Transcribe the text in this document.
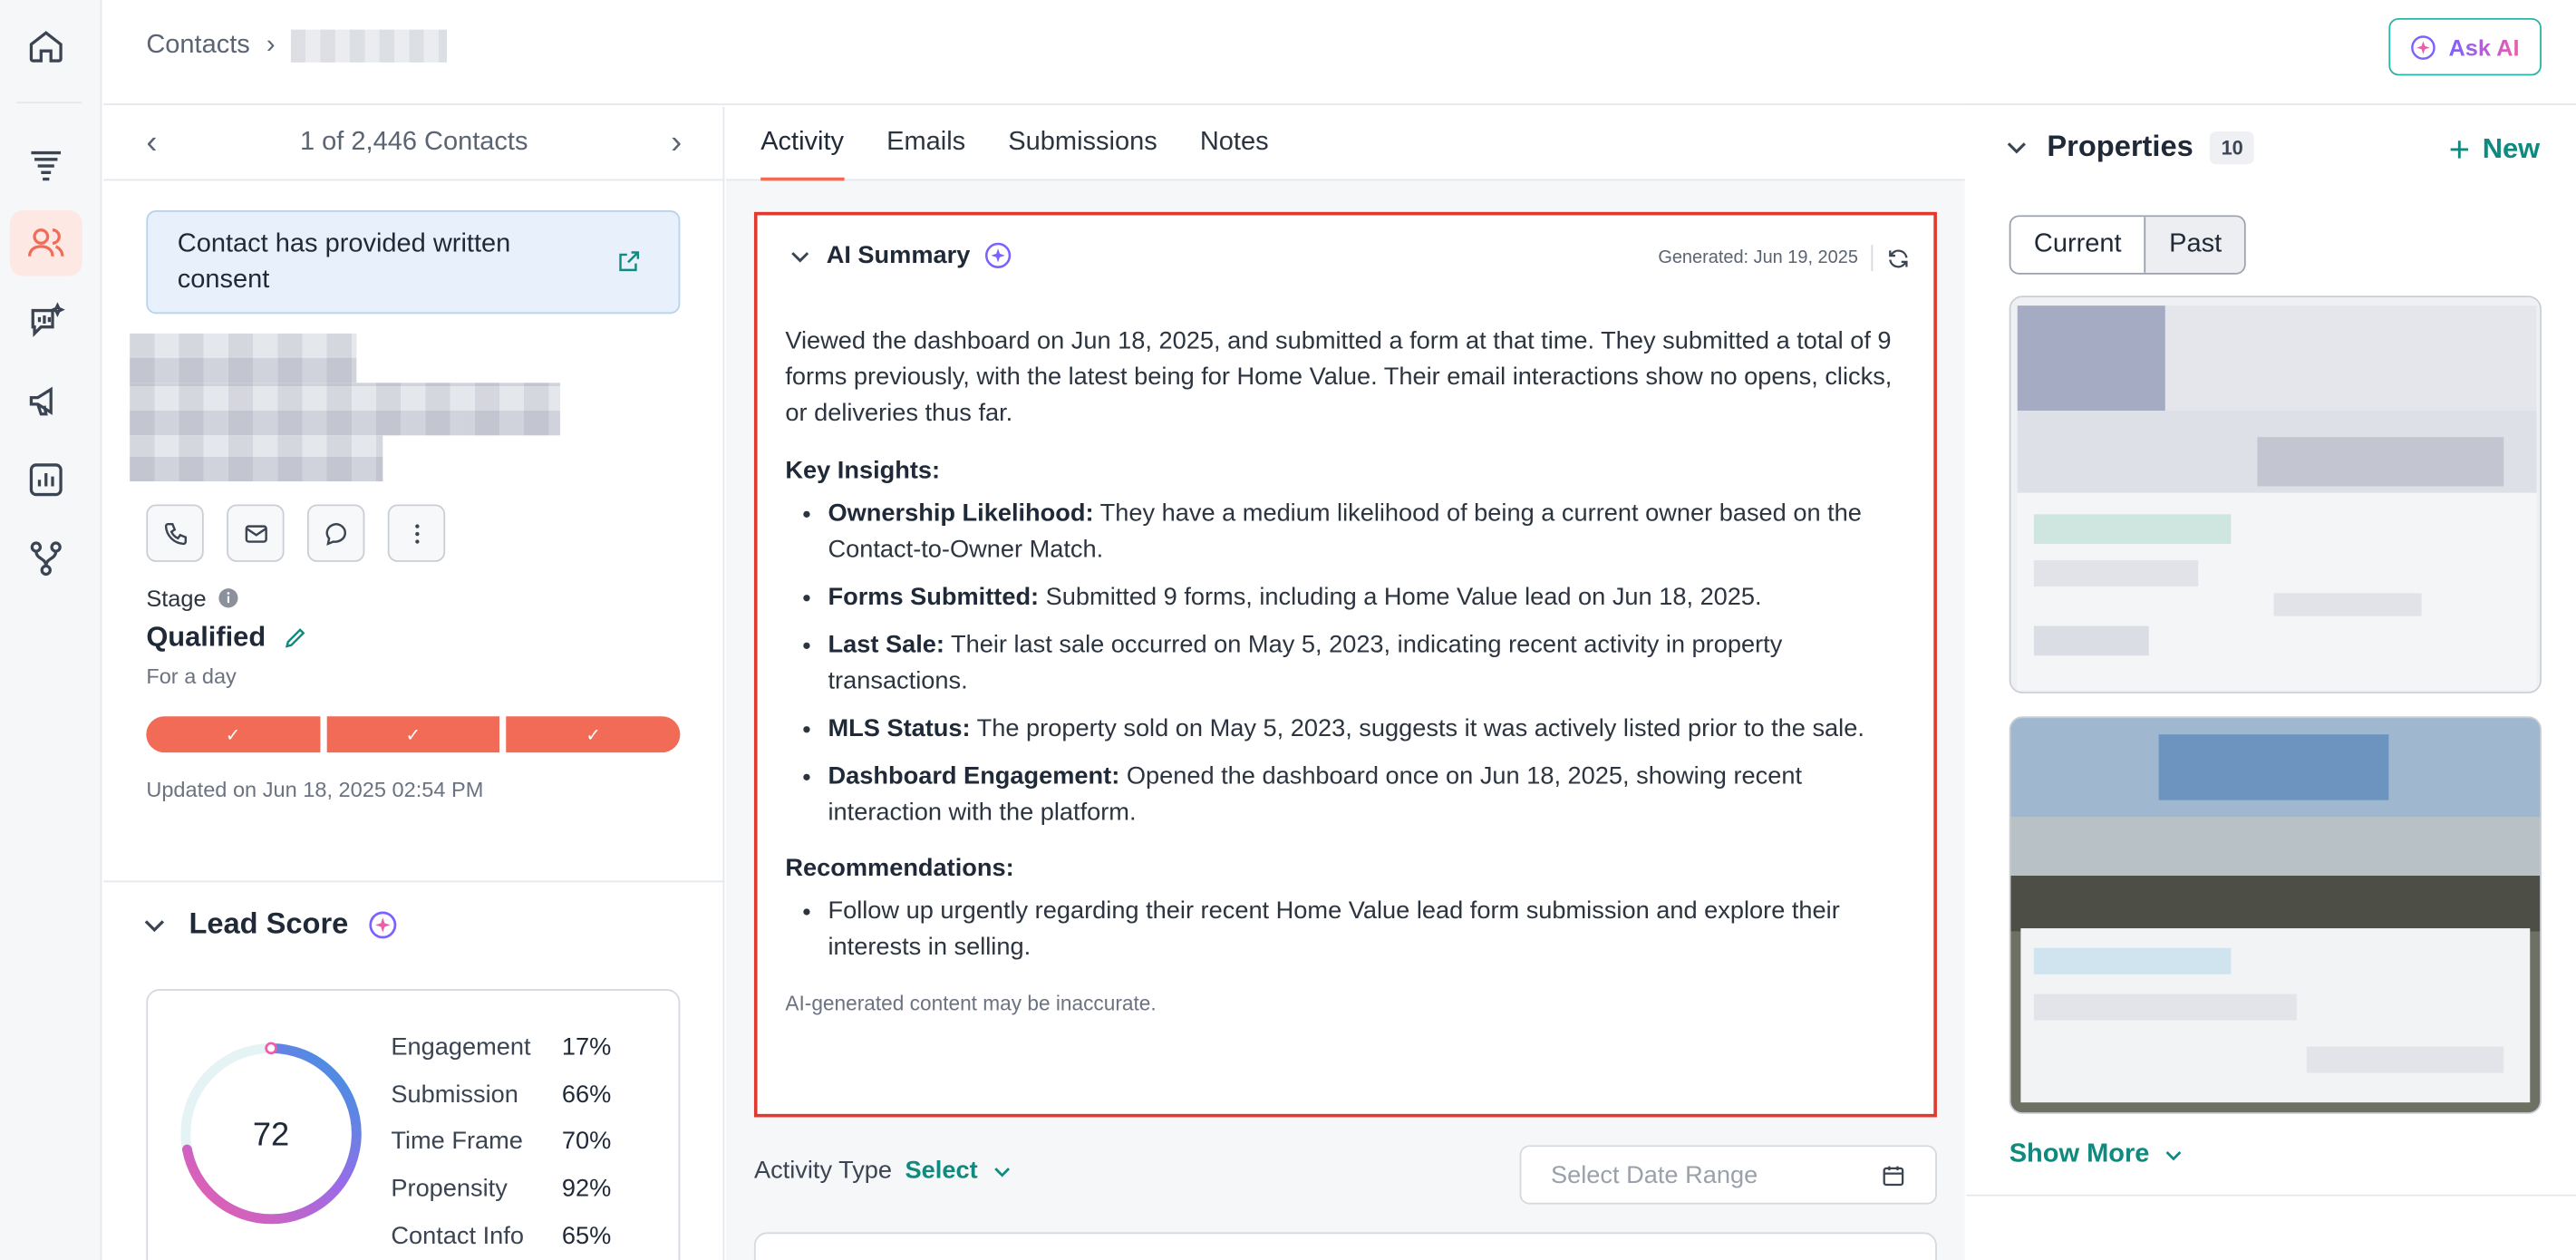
Contacts ›	Ask AI
‹	1 of 2,446 Contacts	›
Contact has provided written consent
Stage
Qualified
For a day
✓	✓	✓
Updated on Jun 18, 2025 02:54 PM
Lead Score
72
Engagement	17%
Submission	66%
Time Frame	70%
Propensity	92%
Contact Info	65%
Activity	Emails	Submissions	Notes
AI Summary	Generated: Jun 19, 2025

Viewed the dashboard on Jun 18, 2025, and submitted a form at that time. They submitted a total of 9 forms previously, with the latest being for Home Value. Their email interactions show no opens, clicks, or deliveries thus far.

Key Insights:
• Ownership Likelihood: They have a medium likelihood of being a current owner based on the Contact-to-Owner Match.
• Forms Submitted: Submitted 9 forms, including a Home Value lead on Jun 18, 2025.
• Last Sale: Their last sale occurred on May 5, 2023, indicating recent activity in property transactions.
• MLS Status: The property sold on May 5, 2023, suggests it was actively listed prior to the sale.
• Dashboard Engagement: Opened the dashboard once on Jun 18, 2025, showing recent interaction with the platform.
Recommendations:
• Follow up urgently regarding their recent Home Value lead form submission and explore their interests in selling.
AI-generated content may be inaccurate.
Activity Type Select	Select Date Range
Properties	10	New
Current	Past
Show More
